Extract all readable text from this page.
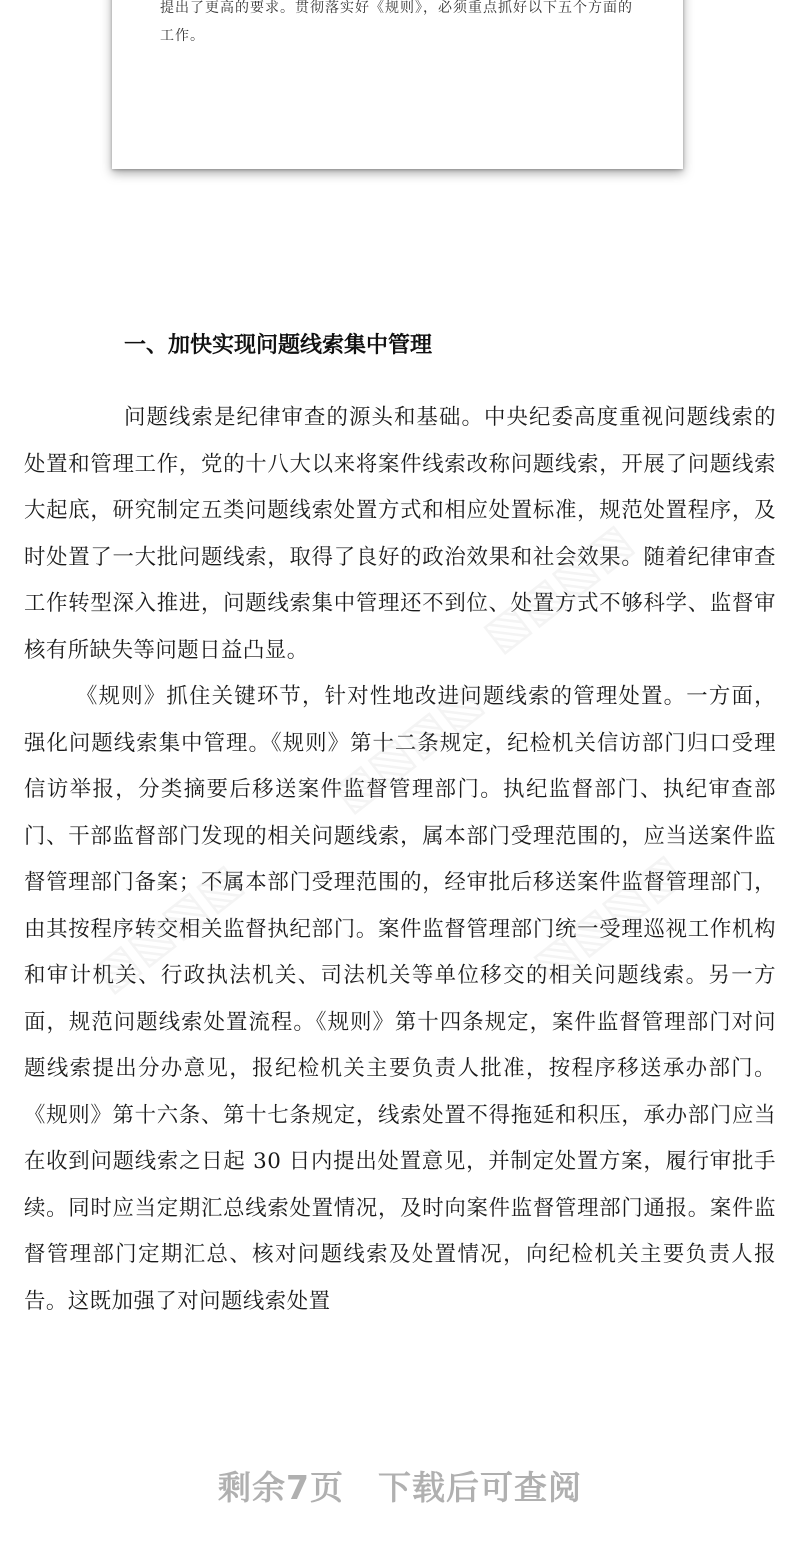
提出了更高的要求。贯彻落实好《规则》，必须重点抓好以下五个方面的工作。

一、加快实现问题线索集中管理

问题线索是纪律审查的源头和基础。中央纪委高度重视问题线索的处置和管理工作，党的十八大以来将案件线索改称问题线索，开展了问题线索大起底，研究制定五类问题线索处置方式和相应处置标准，规范处置程序，及时处置了一大批问题线索，取得了良好的政治效果和社会效果。随着纪律审查工作转型深入推进，问题线索集中管理还不到位、处置方式不够科学、监督审核有所缺失等问题日益凸显。

《规则》抓住关键环节，针对性地改进问题线索的管理处置。一方面，强化问题线索集中管理。《规则》第十二条规定，纪检机关信访部门归口受理信访举报，分类摘要后移送案件监督管理部门。执纪监督部门、执纪审查部门、干部监督部门发现的相关问题线索，属本部门受理范围的，应当送案件监督管理部门备案；不属本部门受理范围的，经审批后移送案件监督管理部门，由其按程序转交相关监督执纪部门。案件监督管理部门统一受理巡视工作机构和审计机关、行政执法机关、司法机关等单位移交的相关问题线索。另一方面，规范问题线索处置流程。《规则》第十四条规定，案件监督管理部门对问题线索提出分办意见，报纪检机关主要负责人批准，按程序移送承办部门。《规则》第十六条、第十七条规定，线索处置不得拖延和积压，承办部门应当在收到问题线索之日起 30 日内提出处置意见，并制定处置方案，履行审批手续。同时应当定期汇总线索处置情况，及时向案件监督管理部门通报。案件监督管理部门定期汇总、核对问题线索及处置情况，向纪检机关主要负责人报告。这既加强了对问题线索处置

▧▧▧▧
▧▧▧▧
▧▧▧▧	▧▧▧▧

剩余7页　下载后可查阅
